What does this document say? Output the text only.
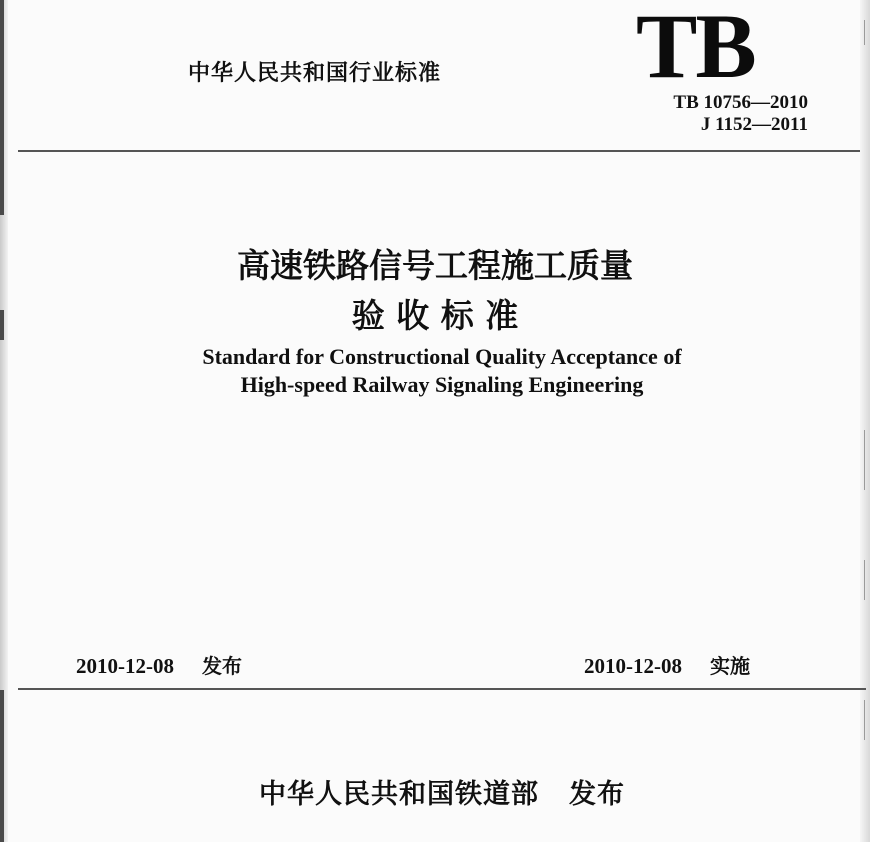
中华人民共和国行业标准 TB
TB 10756—2010
J 1152—2011
高速铁路信号工程施工质量
验 收 标 准
Standard for Constructional Quality Acceptance of
High-speed Railway Signaling Engineering
2010-12-08 发布	2010-12-08 实施
中华人民共和国铁道部 发布
